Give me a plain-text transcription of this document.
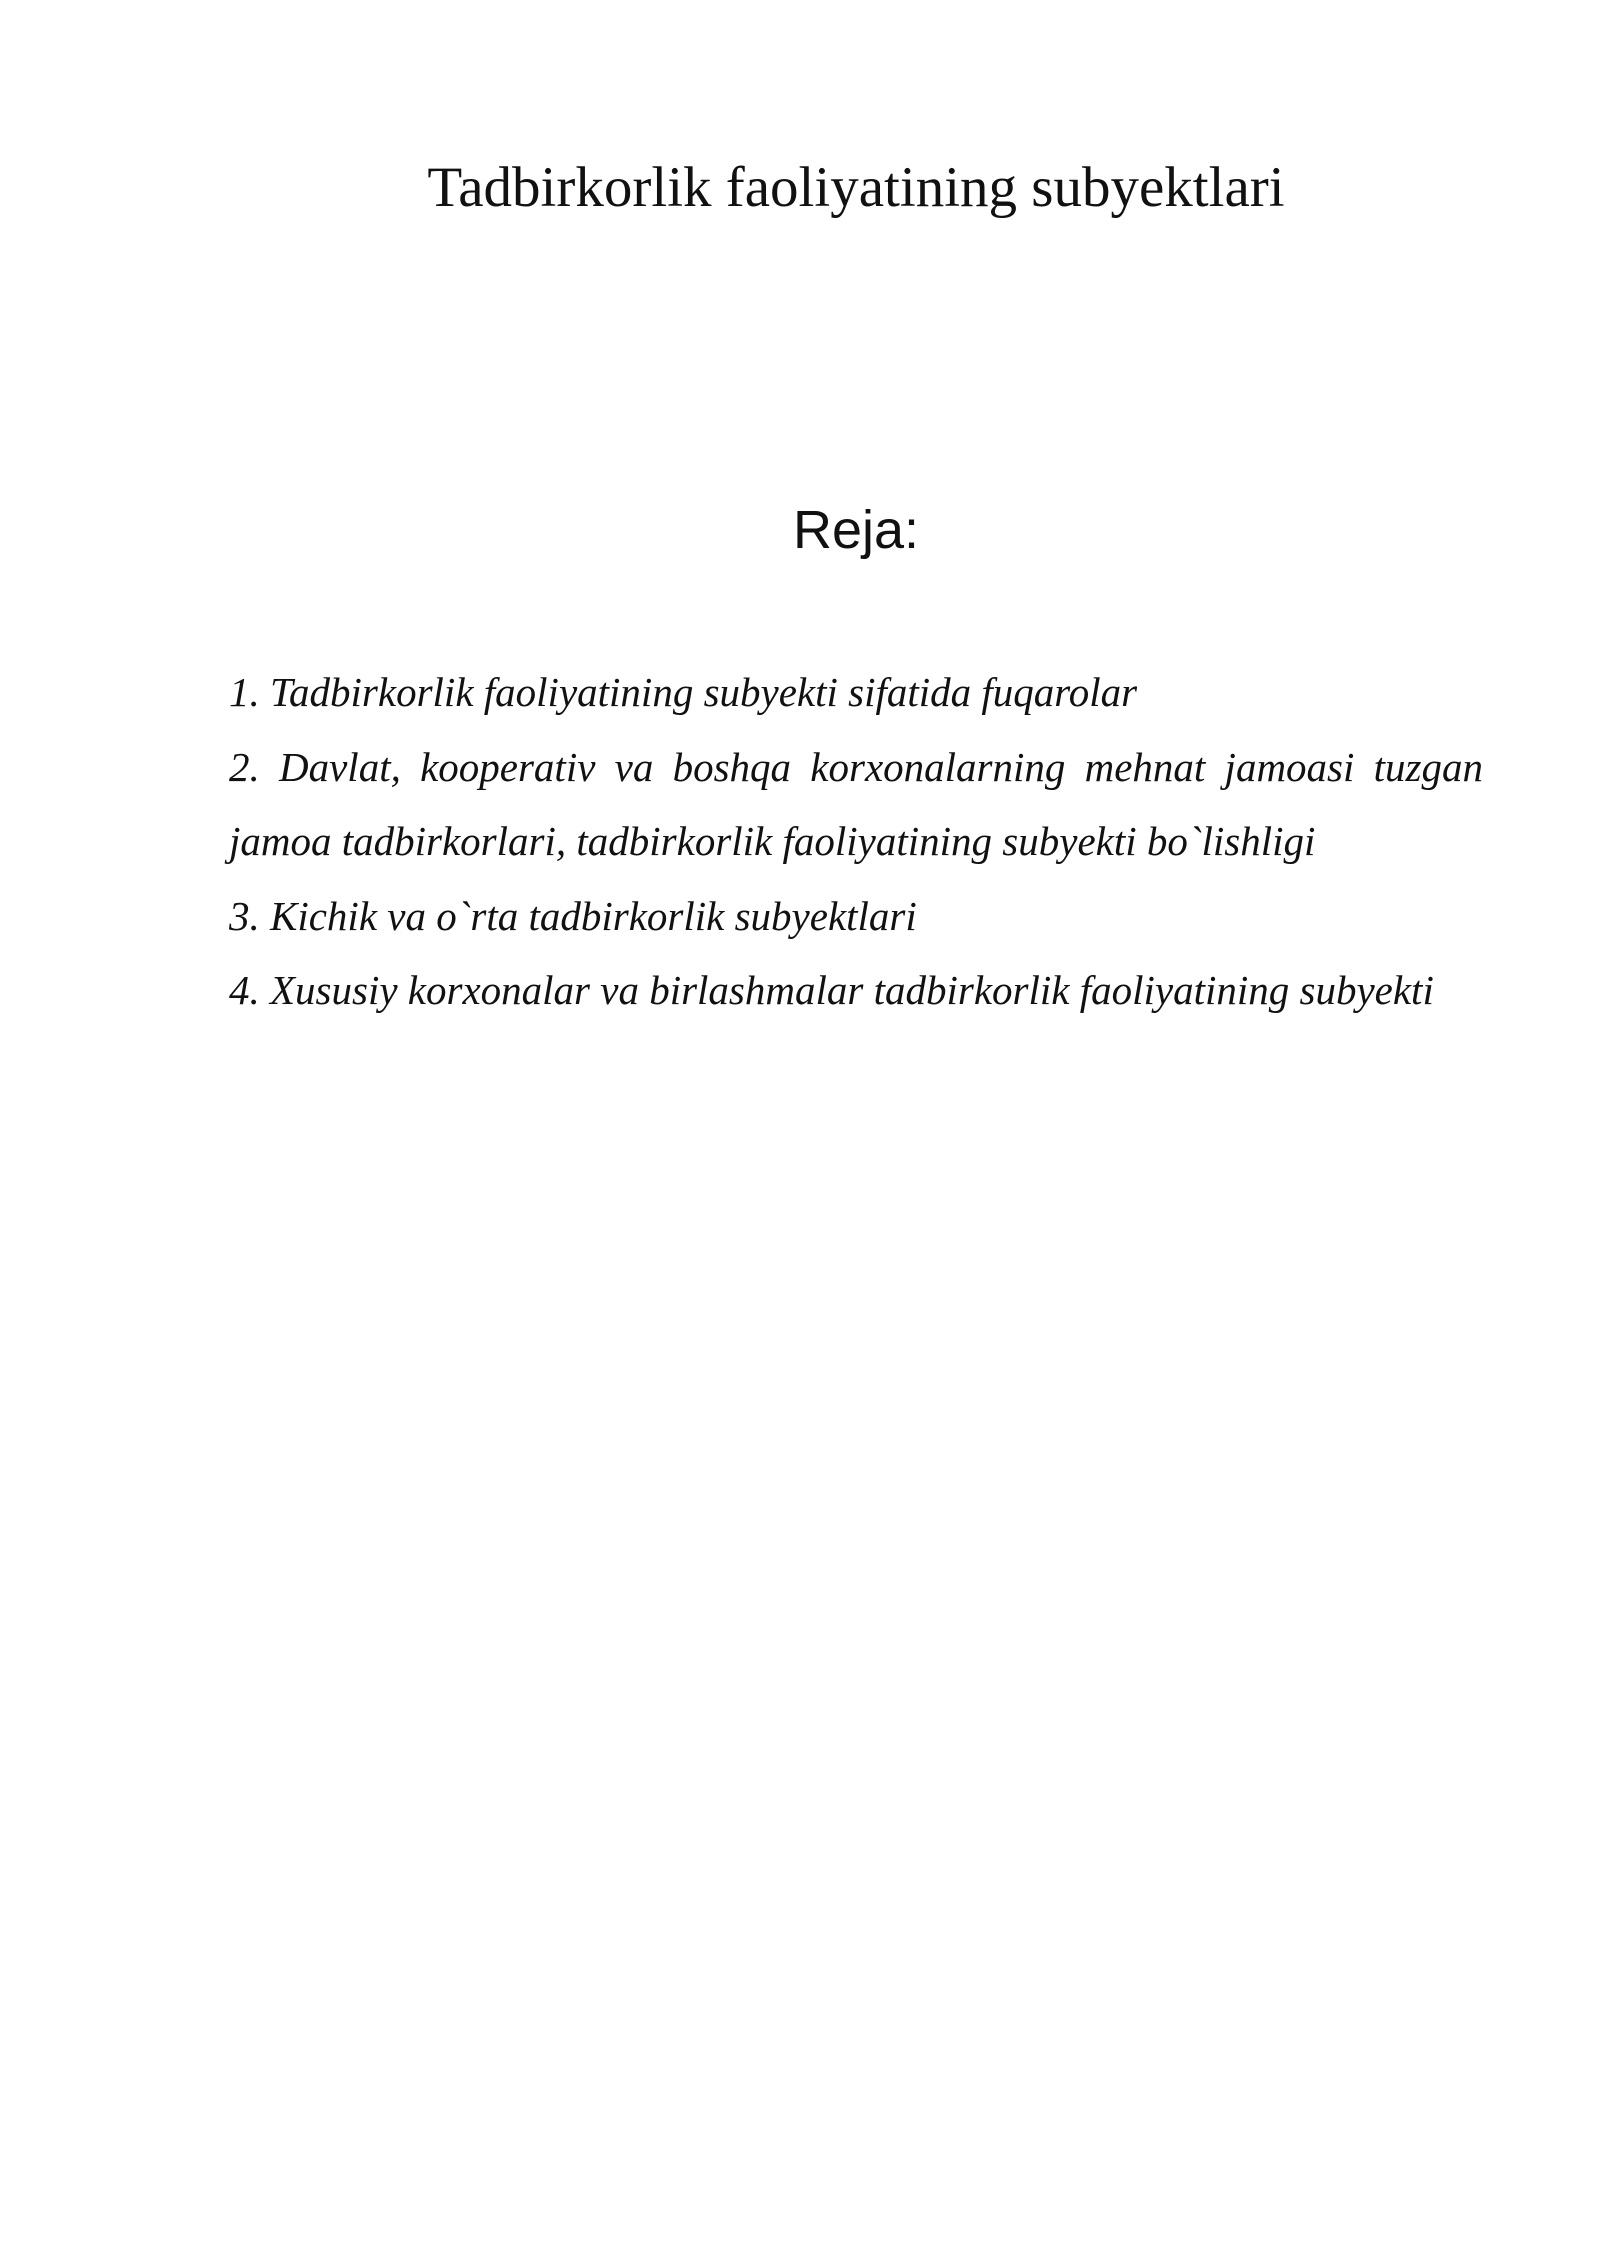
Tadbirkorlik faoliyatining subyektlari
Reja:
1. Tadbirkorlik faoliyatining subyekti sifatida fuqarolar
2. Davlat, kooperativ va boshqa korxonalarning mehnat jamoasi tuzgan jamoa tadbirkorlari, tadbirkorlik faoliyatining subyekti bo`lishligi
3. Kichik va o`rta tadbirkorlik subyektlari
4. Xususiy korxonalar va birlashmalar tadbirkorlik faoliyatining subyekti
